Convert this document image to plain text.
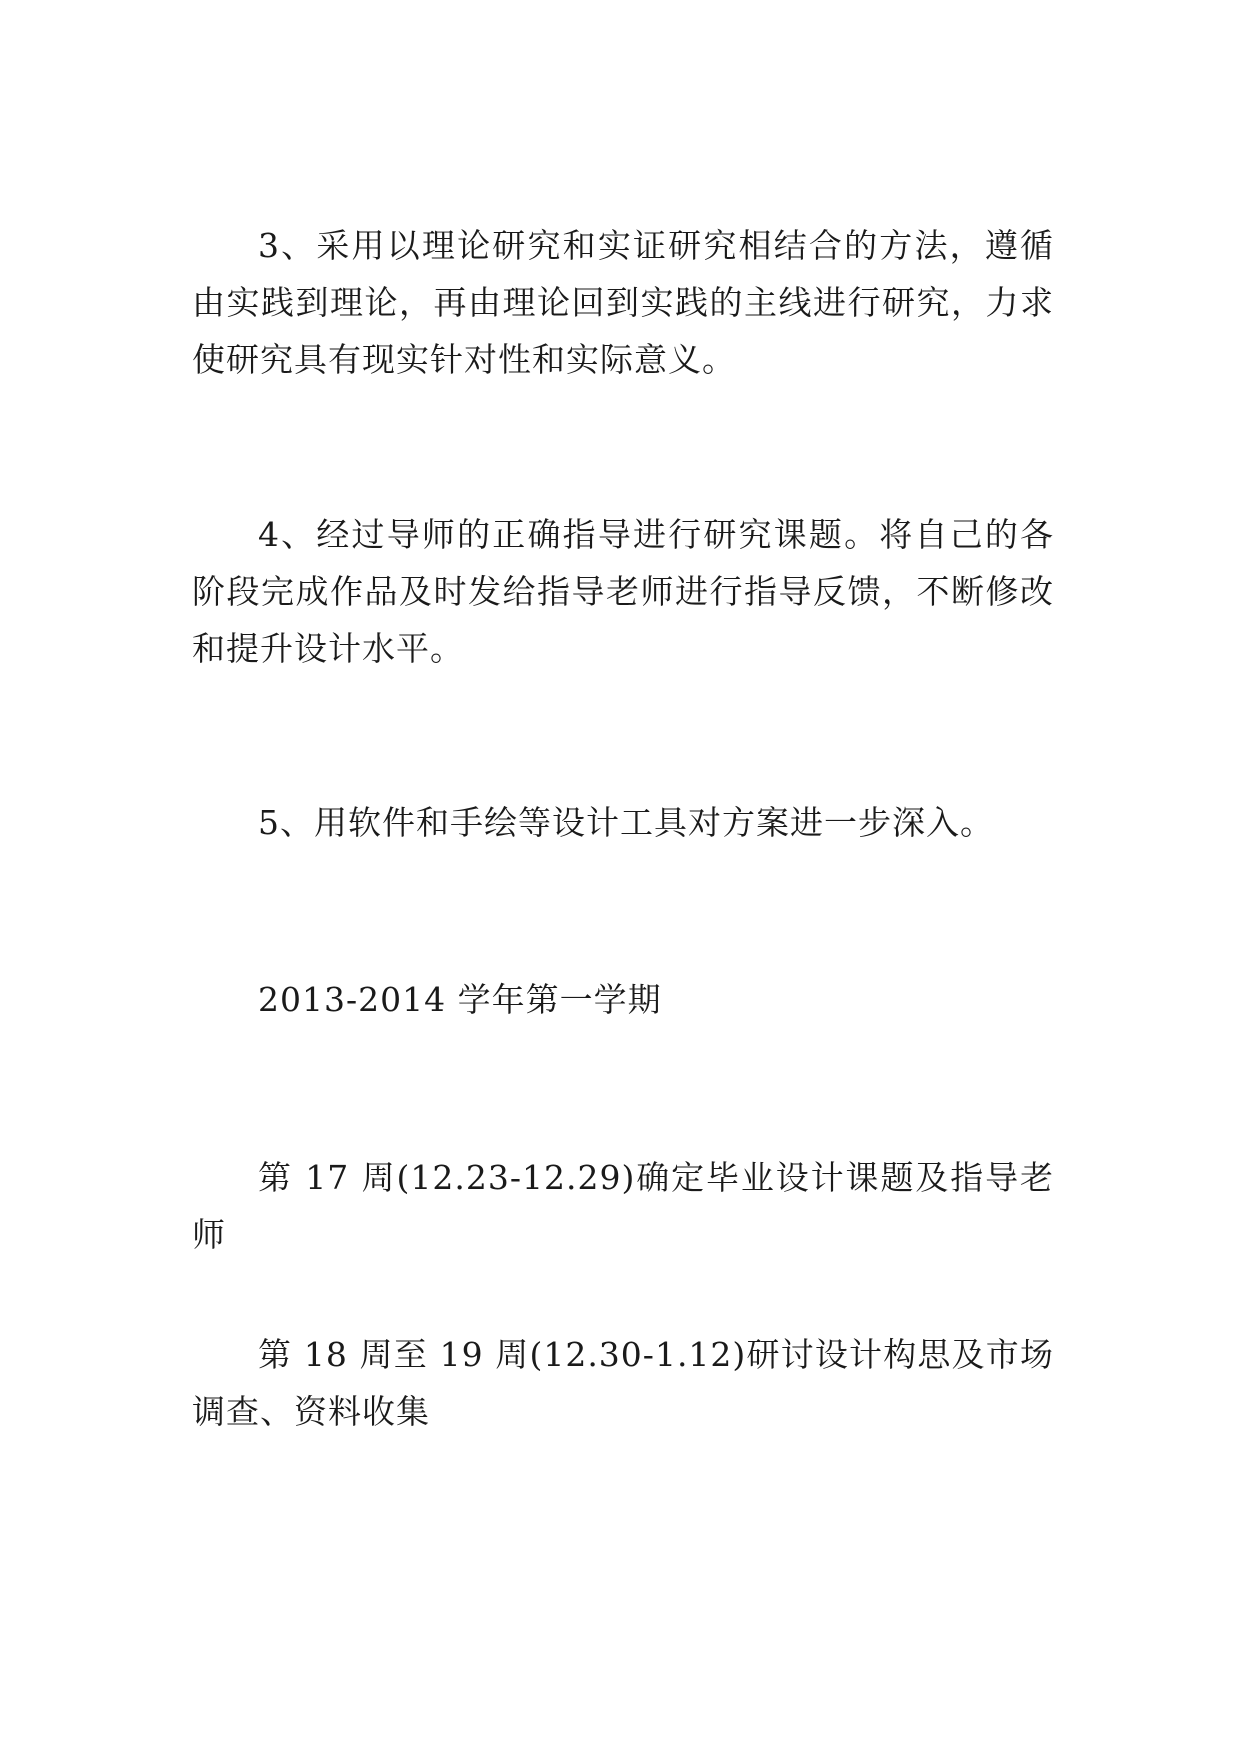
3、采用以理论研究和实证研究相结合的方法，遵循由实践到理论，再由理论回到实践的主线进行研究，力求使研究具有现实针对性和实际意义。

4、经过导师的正确指导进行研究课题。将自己的各阶段完成作品及时发给指导老师进行指导反馈，不断修改和提升设计水平。

5、用软件和手绘等设计工具对方案进一步深入。

2013-2014 学年第一学期

第 17 周(12.23-12.29)确定毕业设计课题及指导老师

第 18 周至 19 周(12.30-1.12)研讨设计构思及市场调查、资料收集
